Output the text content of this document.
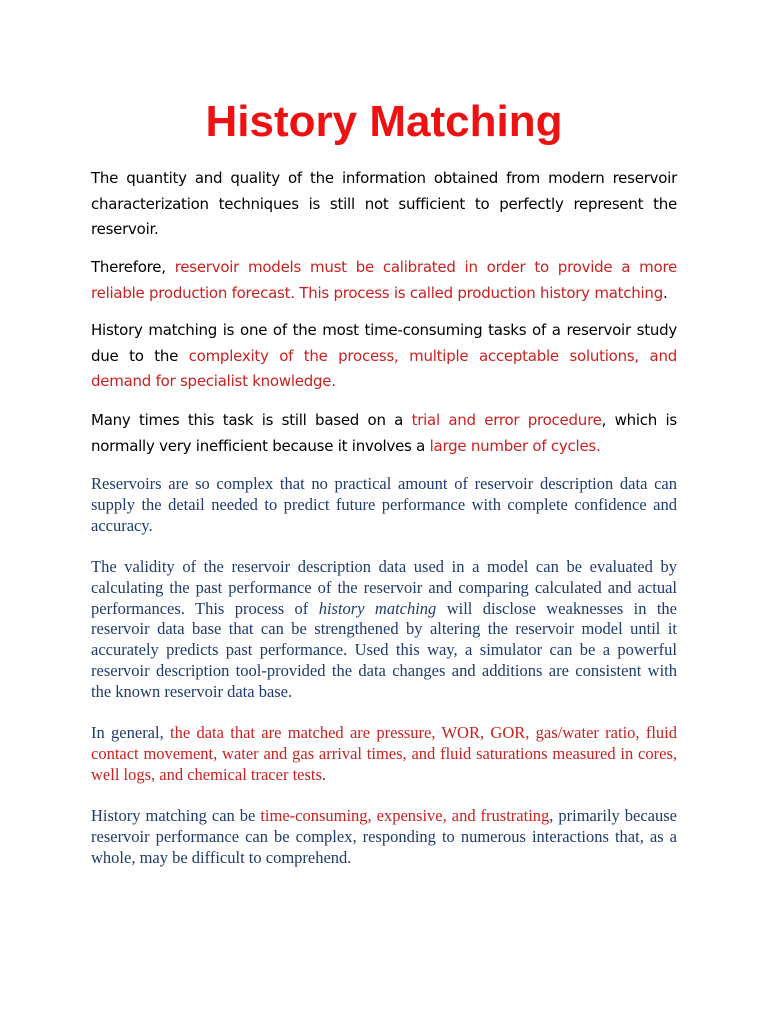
History Matching

The quantity and quality of the information obtained from modern reservoir characterization techniques is still not sufficient to perfectly represent the reservoir.

Therefore, reservoir models must be calibrated in order to provide a more reliable production forecast. This process is called production history matching.

History matching is one of the most time-consuming tasks of a reservoir study due to the complexity of the process, multiple acceptable solutions, and demand for specialist knowledge.

Many times this task is still based on a trial and error procedure, which is normally very inefficient because it involves a large number of cycles.

Reservoirs are so complex that no practical amount of reservoir description data can supply the detail needed to predict future performance with complete confidence and accuracy.

The validity of the reservoir description data used in a model can be evaluated by calculating the past performance of the reservoir and comparing calculated and actual performances. This process of history matching will disclose weaknesses in the reservoir data base that can be strengthened by altering the reservoir model until it accurately predicts past performance. Used this way, a simulator can be a powerful reservoir description tool-provided the data changes and additions are consistent with the known reservoir data base.

In general, the data that are matched are pressure, WOR, GOR, gas/water ratio, fluid contact movement, water and gas arrival times, and fluid saturations measured in cores, well logs, and chemical tracer tests.

History matching can be time-consuming, expensive, and frustrating, primarily because reservoir performance can be complex, responding to numerous interactions that, as a whole, may be difficult to comprehend.
